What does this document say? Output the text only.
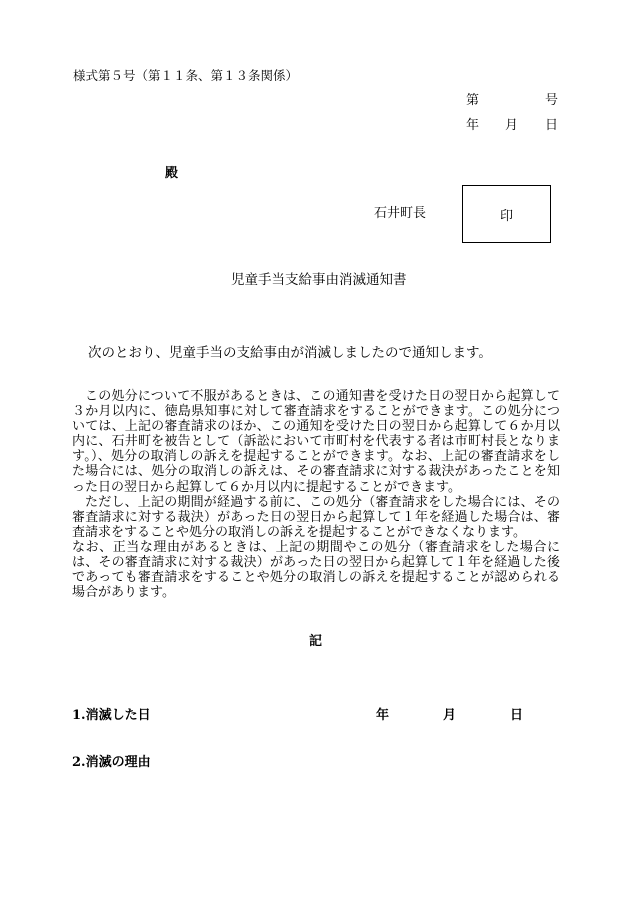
様式第５号（第１１条、第１３条関係）
第	号
年 月 日
殿
石井町長	印
児童手当支給事由消滅通知書
次のとおり、児童手当の支給事由が消滅しましたので通知します。

この処分について不服があるときは、この通知書を受けた日の翌日から起算して３か月以内に、徳島県知事に対して審査請求をすることができます。この処分については、上記の審査請求のほか、この通知を受けた日の翌日から起算して６か月以内に、石井町を被告として（訴訟において市町村を代表する者は市町村長となります。）、処分の取消しの訴えを提起することができます。なお、上記の審査請求をした場合には、処分の取消しの訴えは、その審査請求に対する裁決があったことを知った日の翌日から起算して６か月以内に提起することができます。

ただし、上記の期間が経過する前に、この処分（審査請求をした場合には、その審査請求に対する裁決）があった日の翌日から起算して１年を経過した場合は、審査請求をすることや処分の取消しの訴えを提起することができなくなります。

なお、正当な理由があるときは、上記の期間やこの処分（審査請求をした場合には、その審査請求に対する裁決）があった日の翌日から起算して１年を経過した後であっても審査請求をすることや処分の取消しの訴えを提起することが認められる場合があります。

記
1.消滅した日	年	月	日
2.消滅の理由
